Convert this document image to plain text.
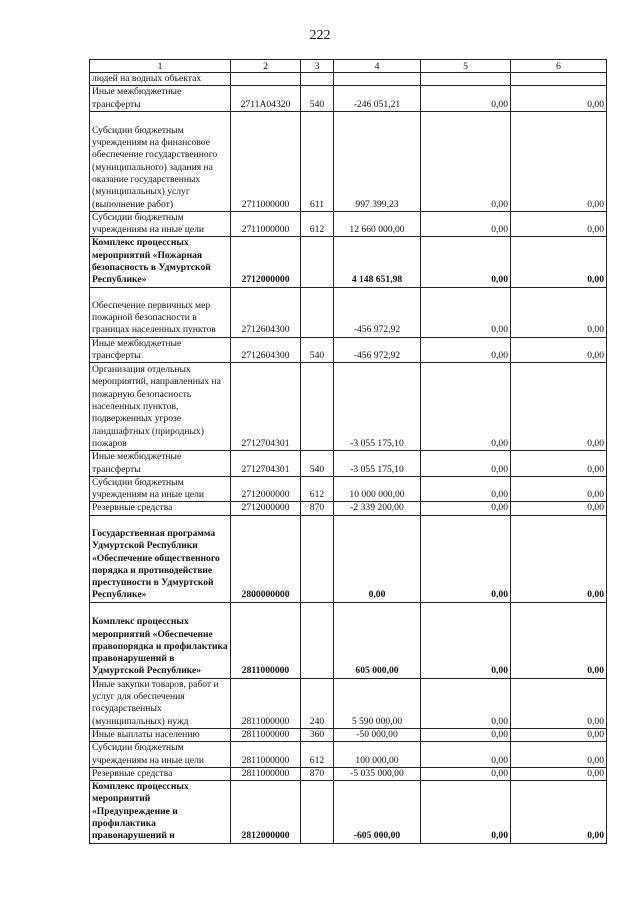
222
1	2	3	4	5	6
людей на водных объектах					
Иные межбюджетные трансферты	2711А04320	540	-246 051,21	0,00	0,00
Субсидии бюджетным учреждениям на финансовое обеспечение государственного (муниципального) задания на оказание государственных (муниципальных) услуг (выполнение работ)	2711000000	611	997 399,23	0,00	0,00
Субсидии бюджетным учреждениям на иные цели	2711000000	612	12 660 000,00	0,00	0,00
Комплекс процессных мероприятий «Пожарная безопасность в Удмуртской Республике»	2712000000		4 148 651,98	0,00	0,00
Обеспечение первичных мер пожарной безопасности в границах населенных пунктов	2712604300		-456 972,92	0,00	0,00
Иные межбюджетные трансферты	2712604300	540	-456 972,92	0,00	0,00
Организация отдельных мероприятий, направленных на пожарную безопасность населенных пунктов, подверженных угрозе ландшафтных (природных) пожаров	2712704301		-3 055 175,10	0,00	0,00
Иные межбюджетные трансферты	2712704301	540	-3 055 175,10	0,00	0,00
Субсидии бюджетным учреждениям на иные цели	2712000000	612	10 000 000,00	0,00	0,00
Резервные средства	2712000000	870	-2 339 200,00	0,00	0,00
Государственная программа Удмуртской Республики «Обеспечение общественного порядка и противодействие преступности в Удмуртской Республике»	2800000000		0,00	0,00	0,00
Комплекс процессных мероприятий «Обеспечение правопорядка и профилактика правонарушений в Удмуртской Республике»	2811000000		605 000,00	0,00	0,00
Иные закупки товаров, работ и услуг для обеспечения государственных (муниципальных) нужд	2811000000	240	5 590 000,00	0,00	0,00
Иные выплаты населению	2811000000	360	-50 000,00	0,00	0,00
Субсидии бюджетным учреждениям на иные цели	2811000000	612	100 000,00	0,00	0,00
Резервные средства	2811000000	870	-5 035 000,00	0,00	0,00
Комплекс процессных мероприятий «Предупреждение и профилактика правонарушений и	2812000000		-605 000,00	0,00	0,00
